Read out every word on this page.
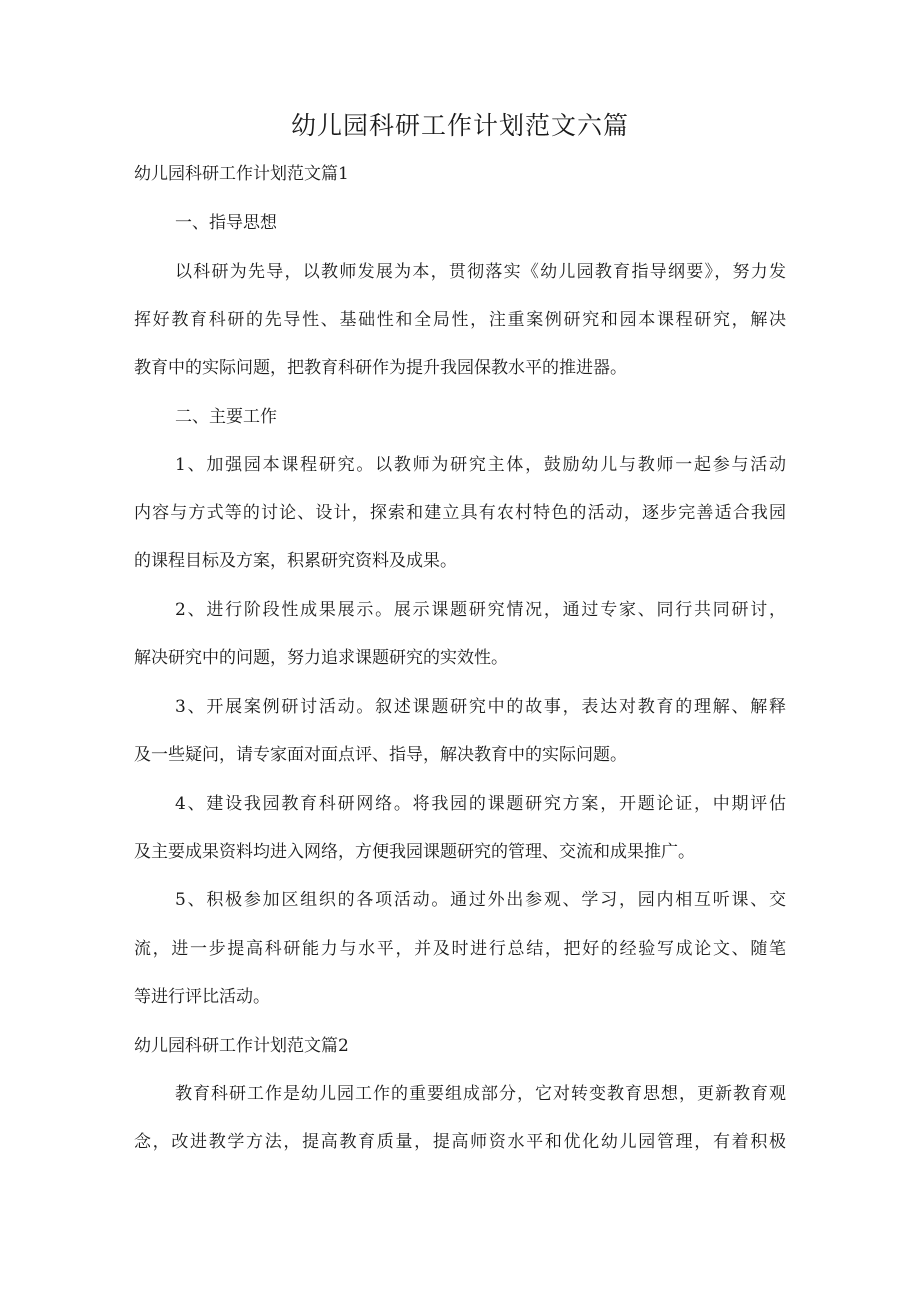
幼儿园科研工作计划范文六篇
幼儿园科研工作计划范文篇1
一、指导思想
以科研为先导，以教师发展为本，贯彻落实《幼儿园教育指导纲要》，努力发
挥好教育科研的先导性、基础性和全局性，注重案例研究和园本课程研究，解决
教育中的实际问题，把教育科研作为提升我园保教水平的推进器。
二、主要工作
1、加强园本课程研究。以教师为研究主体，鼓励幼儿与教师一起参与活动
内容与方式等的讨论、设计，探索和建立具有农村特色的活动，逐步完善适合我园
的课程目标及方案，积累研究资料及成果。
2、进行阶段性成果展示。展示课题研究情况，通过专家、同行共同研讨，
解决研究中的问题，努力追求课题研究的实效性。
3、开展案例研讨活动。叙述课题研究中的故事，表达对教育的理解、解释
及一些疑问，请专家面对面点评、指导，解决教育中的实际问题。
4、建设我园教育科研网络。将我园的课题研究方案，开题论证，中期评估
及主要成果资料均进入网络，方便我园课题研究的管理、交流和成果推广。
5、积极参加区组织的各项活动。通过外出参观、学习，园内相互听课、交
流，进一步提高科研能力与水平，并及时进行总结，把好的经验写成论文、随笔
等进行评比活动。
幼儿园科研工作计划范文篇2
教育科研工作是幼儿园工作的重要组成部分，它对转变教育思想，更新教育观
念，改进教学方法，提高教育质量，提高师资水平和优化幼儿园管理，有着积极
